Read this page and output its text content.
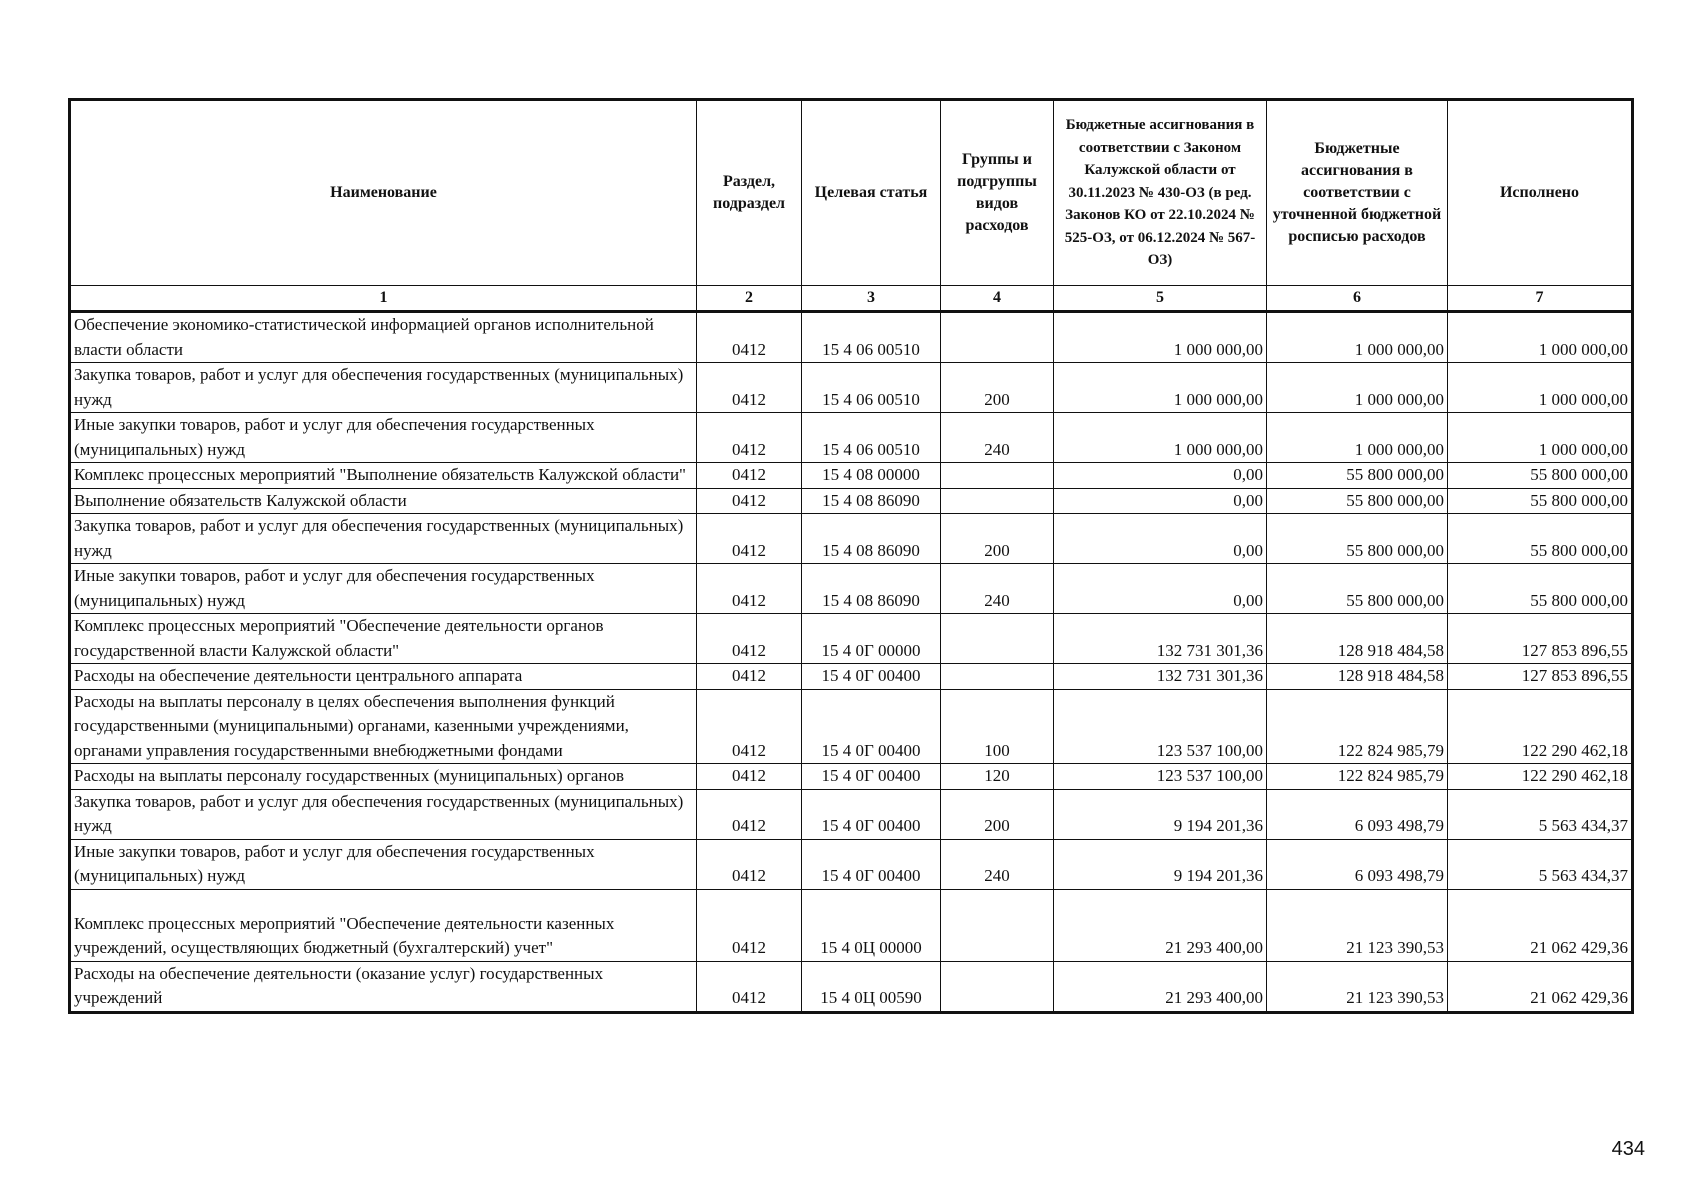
Наименование	Раздел, подраздел	Целевая статья	Группы и подгруппы видов расходов	Бюджетные ассигнования в соответствии с Законом Калужской области от 30.11.2023 № 430-ОЗ (в ред. Законов КО от 22.10.2024 № 525-ОЗ, от 06.12.2024 № 567-ОЗ)	Бюджетные ассигнования в соответствии с уточненной бюджетной росписью расходов	Исполнено
1	2	3	4	5	6	7
Обеспечение экономико-статистической информацией органов исполнительной власти области	0412	15 4 06 00510		1 000 000,00	1 000 000,00	1 000 000,00
Закупка товаров, работ и услуг для обеспечения государственных (муниципальных) нужд	0412	15 4 06 00510	200	1 000 000,00	1 000 000,00	1 000 000,00
Иные закупки товаров, работ и услуг для обеспечения государственных (муниципальных) нужд	0412	15 4 06 00510	240	1 000 000,00	1 000 000,00	1 000 000,00
Комплекс процессных мероприятий "Выполнение обязательств Калужской области"	0412	15 4 08 00000		0,00	55 800 000,00	55 800 000,00
Выполнение обязательств Калужской области	0412	15 4 08 86090		0,00	55 800 000,00	55 800 000,00
Закупка товаров, работ и услуг для обеспечения государственных (муниципальных) нужд	0412	15 4 08 86090	200	0,00	55 800 000,00	55 800 000,00
Иные закупки товаров, работ и услуг для обеспечения государственных (муниципальных) нужд	0412	15 4 08 86090	240	0,00	55 800 000,00	55 800 000,00
Комплекс процессных мероприятий "Обеспечение деятельности органов государственной власти Калужской области"	0412	15 4 0Г 00000		132 731 301,36	128 918 484,58	127 853 896,55
Расходы на обеспечение деятельности центрального аппарата	0412	15 4 0Г 00400		132 731 301,36	128 918 484,58	127 853 896,55
Расходы на выплаты персоналу в целях обеспечения выполнения функций государственными (муниципальными) органами, казенными учреждениями, органами управления государственными внебюджетными фондами	0412	15 4 0Г 00400	100	123 537 100,00	122 824 985,79	122 290 462,18
Расходы на выплаты персоналу государственных (муниципальных) органов	0412	15 4 0Г 00400	120	123 537 100,00	122 824 985,79	122 290 462,18
Закупка товаров, работ и услуг для обеспечения государственных (муниципальных) нужд	0412	15 4 0Г 00400	200	9 194 201,36	6 093 498,79	5 563 434,37
Иные закупки товаров, работ и услуг для обеспечения государственных (муниципальных) нужд	0412	15 4 0Г 00400	240	9 194 201,36	6 093 498,79	5 563 434,37
Комплекс процессных мероприятий "Обеспечение деятельности казенных учреждений, осуществляющих бюджетный (бухгалтерский) учет"	0412	15 4 0Ц 00000		21 293 400,00	21 123 390,53	21 062 429,36
Расходы на обеспечение деятельности (оказание услуг) государственных учреждений	0412	15 4 0Ц 00590		21 293 400,00	21 123 390,53	21 062 429,36
434
